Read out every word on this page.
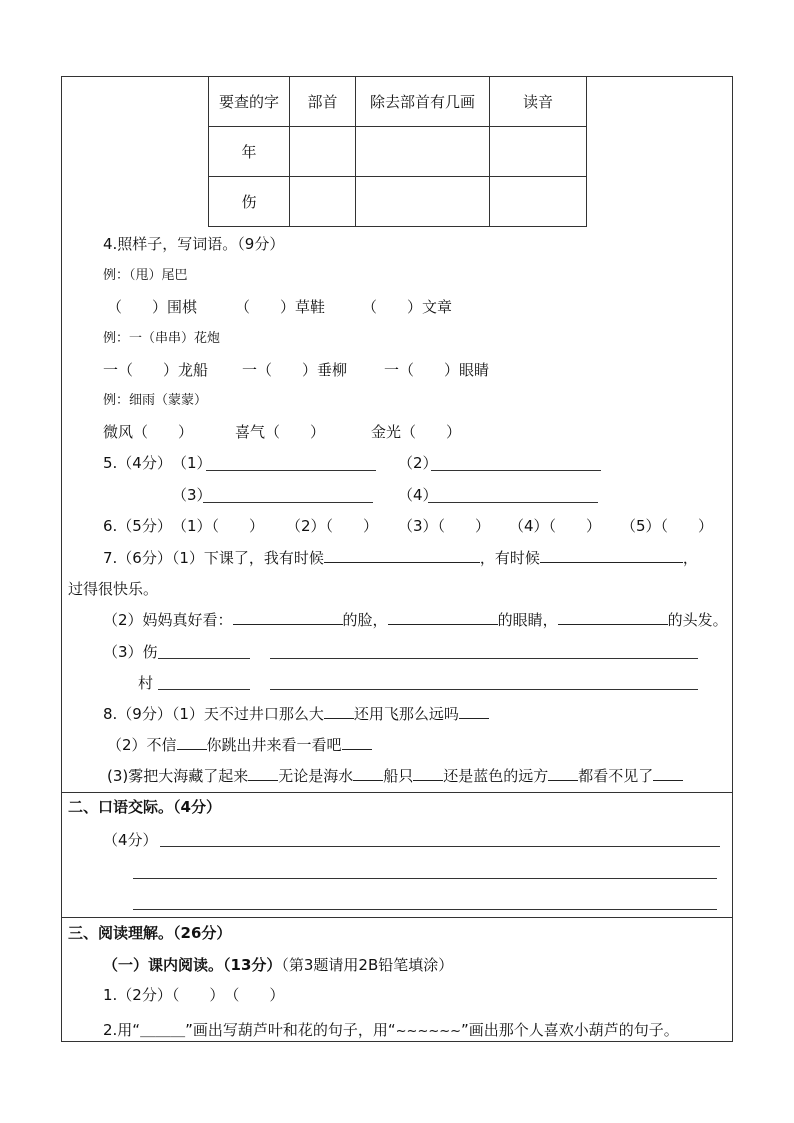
要查的字	部首	除去部首有几画	读音
年			
伤			
4.照样子，写词语。（9分）
例：（甩）尾巴
（　　）围棋	（　　）草鞋 （　　）文章
例：一（串串）花炮
一（　　）龙船 一（　　）垂柳 一（　　）眼睛
例：细雨（蒙蒙）
微风（　　）	喜气（　　）	金光（　　）
5.（4分） （1）	（2）
（3）	（4）
6.（5分） （1）（　　） （2）（　　） （3）（　　） （4）（　　） （5）（　　）
7.（6分）（1）下课了，我有时候	，有时候	，
过得很快乐。
（2）妈妈真好看：	的脸，	的眼睛，	的头发。
（3）伤
村
8.（9分）（1）天不过井口那么大 还用飞那么远吗
（2）不信 你跳出井来看一看吧
(3)雾把大海藏了起来 无论是海水 船只 还是蓝色的远方 都看不见了
二、口语交际。（4分）
（4分）
三、阅读理解。（26分）
（一）课内阅读。（13分）（第3题请用2B铅笔填涂）
1.（2分）（　　）　（　　）
2.用“＿＿＿”画出写葫芦叶和花的句子，用“~~~~~~”画出那个人喜欢小葫芦的句子。
